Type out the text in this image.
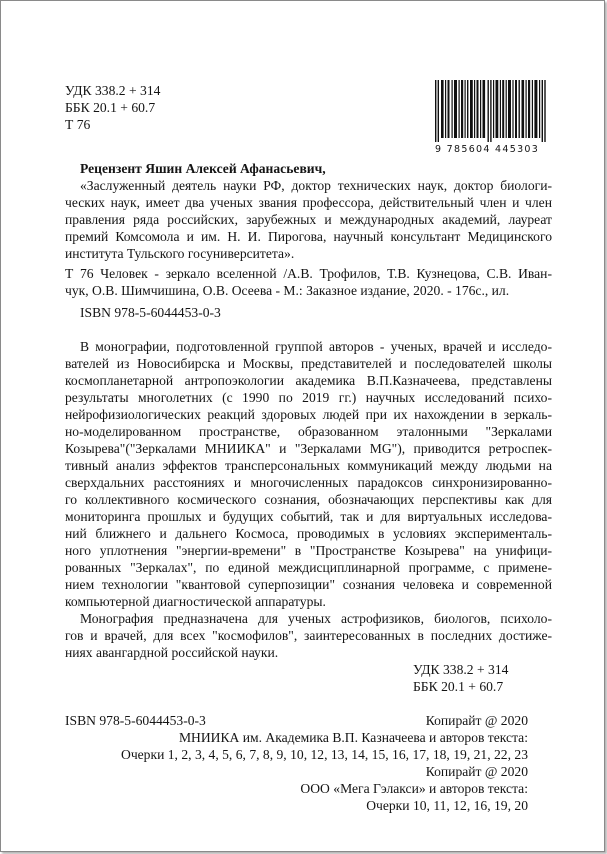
УДК 338.2 + 314
ББК 20.1 + 60.7
Т 76
9 785604 445303
Рецензент Яшин Алексей Афанасьевич,
«Заслуженный деятель науки РФ, доктор технических наук, доктор биологи-
ческих наук, имеет два ученых звания профессора, действительный член и член
правления ряда российских, зарубежных и международных академий, лауреат
премий Комсомола и им. Н. И. Пирогова, научный консультант Медицинского
института Тульского госуниверситета».
Т 76 Человек - зеркало вселенной /А.В. Трофилов, Т.В. Кузнецова, С.В. Иван-
чук, О.В. Шимчишина, О.В. Осеева - М.: Заказное издание, 2020. - 176с., ил.
ISBN 978-5-6044453-0-3
В монографии, подготовленной группой авторов - ученых, врачей и исследо-
вателей из Новосибирска и Москвы, представителей и последователей школы
космопланетарной антропоэкологии академика В.П.Казначеева, представлены
результаты многолетних (с 1990 по 2019 гг.) научных исследований психо-
нейрофизиологических реакций здоровых людей при их нахождении в зеркаль-
но-моделированном пространстве, образованном эталонными "Зеркалами
Козырева"("Зеркалами МНИИКА" и "Зеркалами MG"), приводится ретроспек-
тивный анализ эффектов трансперсональных коммуникаций между людьми на
сверхдальних расстояниях и многочисленных парадоксов синхронизированно-
го коллективного космического сознания, обозначающих перспективы как для
мониторинга прошлых и будущих событий, так и для виртуальных исследова-
ний ближнего и дальнего Космоса, проводимых в условиях эксперименталь-
ного уплотнения "энергии-времени" в "Пространстве Козырева" на унифици-
рованных "Зеркалах", по единой междисциплинарной программе, с примене-
нием технологии "квантовой суперпозиции" сознания человека и современной
компьютерной диагностической аппаратуры.
Монография предназначена для ученых астрофизиков, биологов, психоло-
гов и врачей, для всех "космофилов", заинтересованных в последних достиже-
ниях авангардной российской науки.
УДК 338.2 + 314
ББК 20.1 + 60.7
ISBN 978-5-6044453-0-3	Копирайт @ 2020
МНИИКА им. Академика В.П. Казначеева и авторов текста:
Очерки 1, 2, 3, 4, 5, 6, 7, 8, 9, 10, 12, 13, 14, 15, 16, 17, 18, 19, 21, 22, 23
Копирайт @ 2020
ООО «Мега Гэлакси» и авторов текста:
Очерки 10, 11, 12, 16, 19, 20
